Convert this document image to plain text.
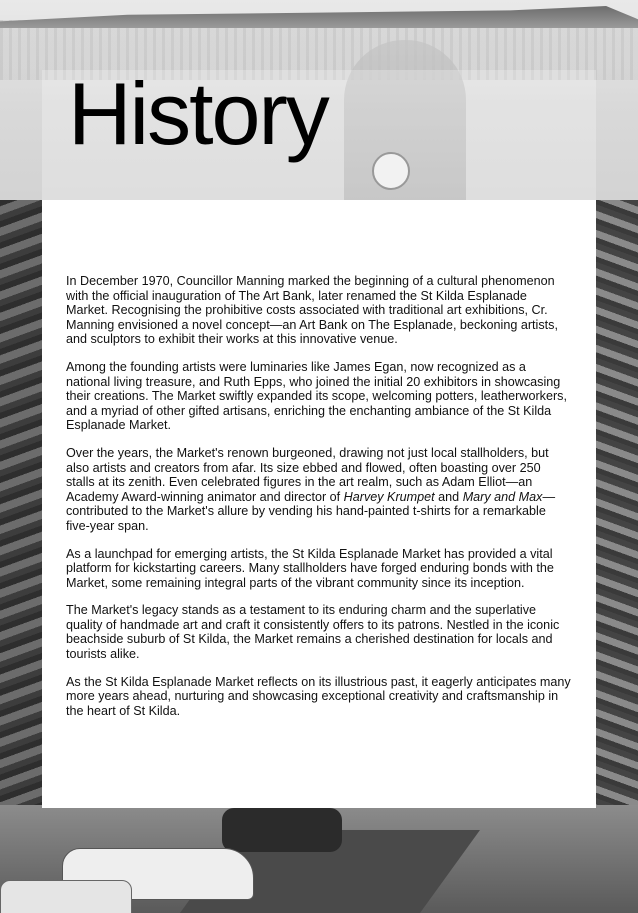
History

In December 1970, Councillor Manning marked the beginning of a cultural phenomenon with the official inauguration of The Art Bank, later renamed the St Kilda Esplanade Market. Recognising the prohibitive costs associated with traditional art exhibitions, Cr. Manning envisioned a novel concept—an Art Bank on The Esplanade, beckoning artists, and sculptors to exhibit their works at this innovative venue.

Among the founding artists were luminaries like James Egan, now recognized as a national living treasure, and Ruth Epps, who joined the initial 20 exhibitors in showcasing their creations. The Market swiftly expanded its scope, welcoming potters, leatherworkers, and a myriad of other gifted artisans, enriching the enchanting ambiance of the St Kilda Esplanade Market.

Over the years, the Market's renown burgeoned, drawing not just local stallholders, but also artists and creators from afar. Its size ebbed and flowed, often boasting over 250 stalls at its zenith. Even celebrated figures in the art realm, such as Adam Elliot—an Academy Award-winning animator and director of Harvey Krumpet and Mary and Max—contributed to the Market's allure by vending his hand-painted t-shirts for a remarkable five-year span.

As a launchpad for emerging artists, the St Kilda Esplanade Market has provided a vital platform for kickstarting careers. Many stallholders have forged enduring bonds with the Market, some remaining integral parts of the vibrant community since its inception.

The Market's legacy stands as a testament to its enduring charm and the superlative quality of handmade art and craft it consistently offers to its patrons. Nestled in the iconic beachside suburb of St Kilda, the Market remains a cherished destination for locals and tourists alike.

As the St Kilda Esplanade Market reflects on its illustrious past, it eagerly anticipates many more years ahead, nurturing and showcasing exceptional creativity and craftsmanship in the heart of St Kilda.
